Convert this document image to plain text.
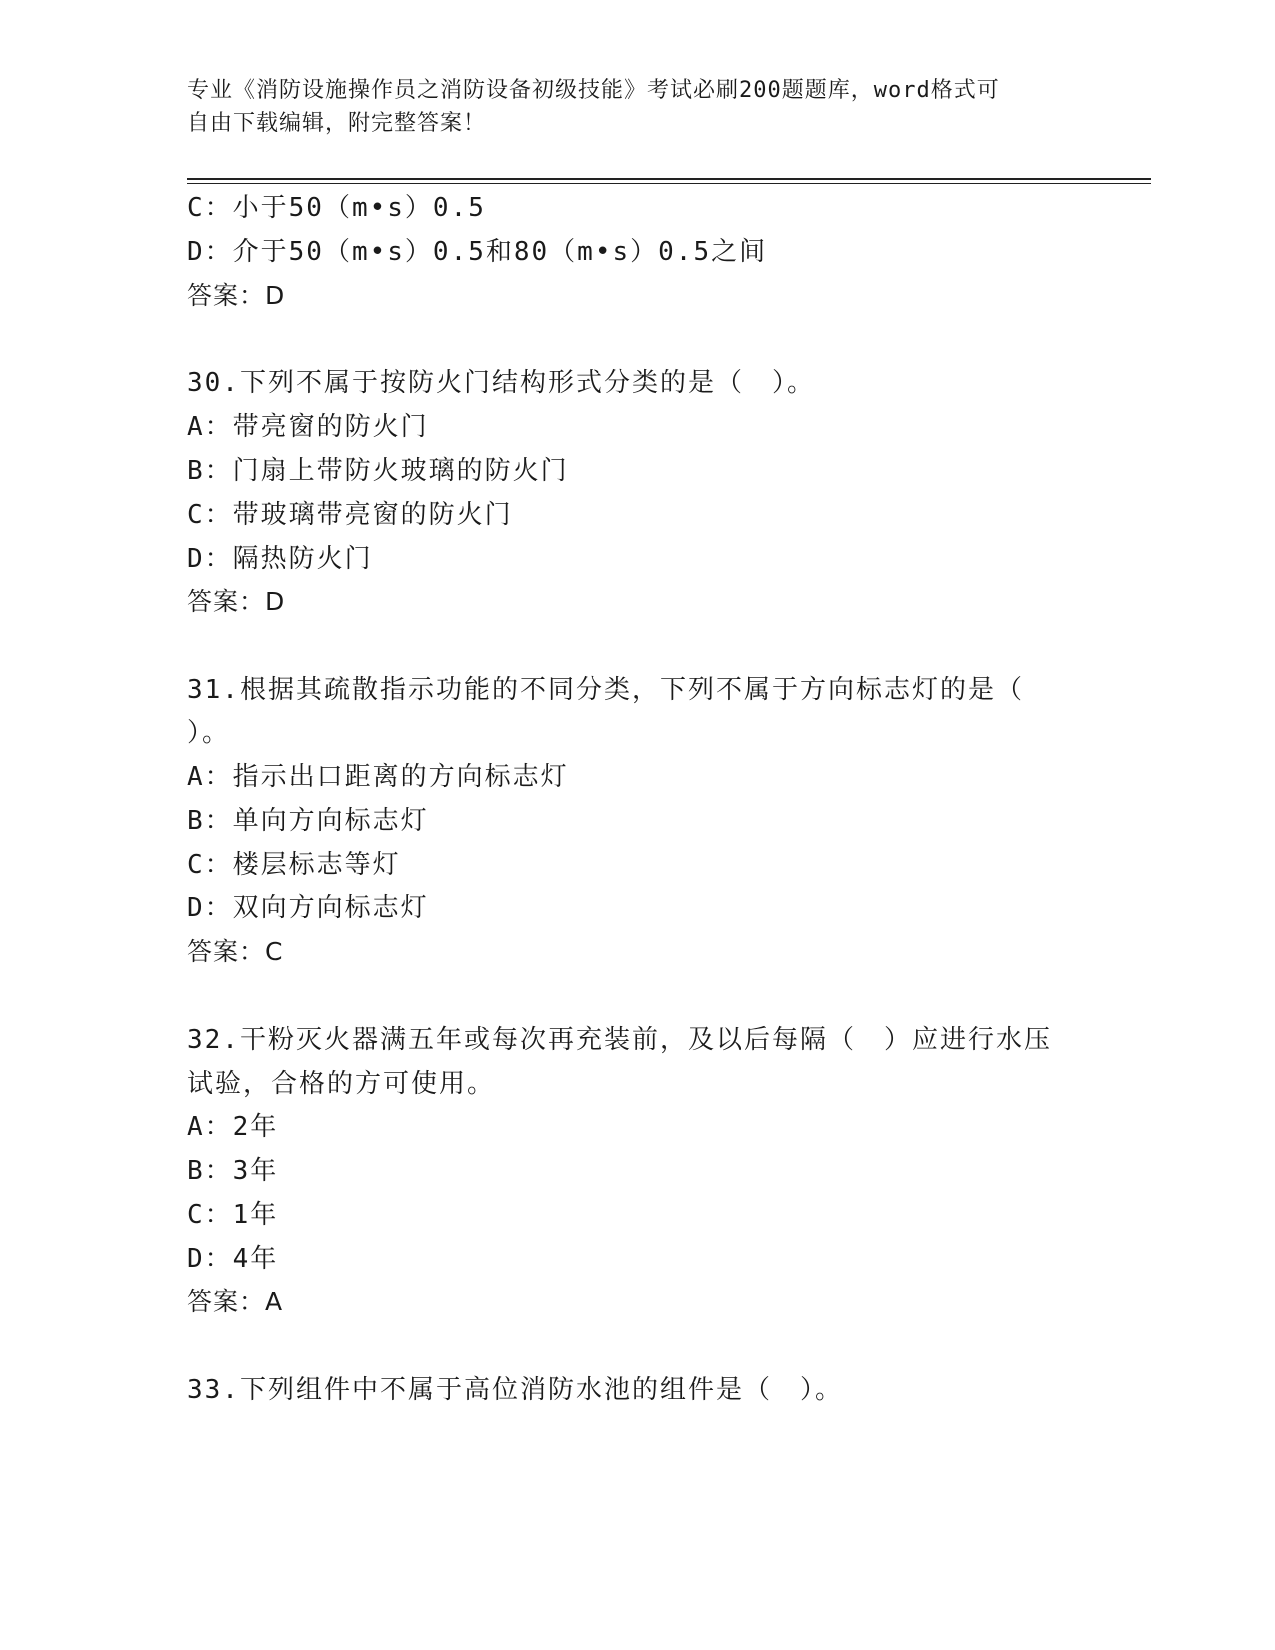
专业《消防设施操作员之消防设备初级技能》考试必刷200题题库，word格式可
自由下载编辑，附完整答案！

C：小于50（m•s）0.5

D：介于50（m•s）0.5和80（m•s）0.5之间

答案：D

30.下列不属于按防火门结构形式分类的是（　）。

A：带亮窗的防火门

B：门扇上带防火玻璃的防火门

C：带玻璃带亮窗的防火门

D：隔热防火门

答案：D

31.根据其疏散指示功能的不同分类，下列不属于方向标志灯的是（

）。

A：指示出口距离的方向标志灯

B：单向方向标志灯

C：楼层标志等灯

D：双向方向标志灯

答案：C

32.干粉灭火器满五年或每次再充装前，及以后每隔（　）应进行水压

试验，合格的方可使用。

A：2年

B：3年

C：1年

D：4年

答案：A

33.下列组件中不属于高位消防水池的组件是（　）。
